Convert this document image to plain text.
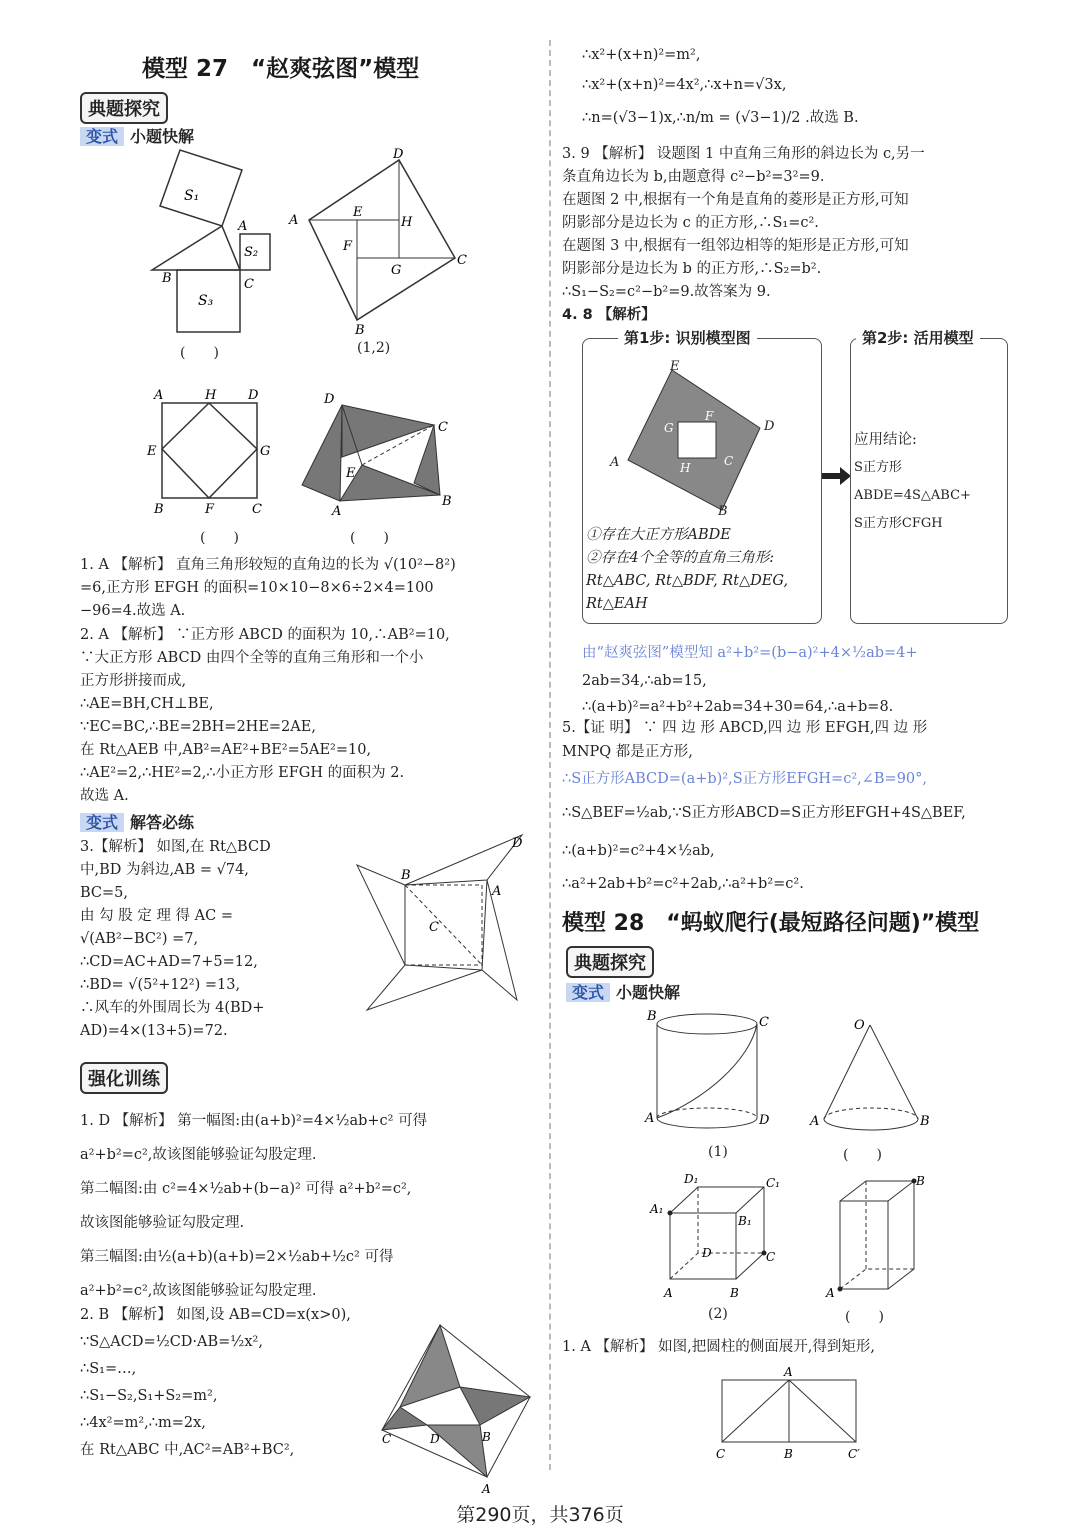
模型 27　“赵爽弦图”模型
典题探究
变式 小题快解
S₁
S₂
S₃
A
B	C
A
D
C
B
E
H
F
G
(　　)	(1,2)
A	H D
E	G
B	F	C
D
C
E
A
B
(　　)	(　　)

1. A 【解析】 直角三角形较短的直角边的长为 √(10²−8²)

=6,正方形 EFGH 的面积=10×10−8×6÷2×4=100

−96=4.故选 A.

2. A 【解析】 ∵正方形 ABCD 的面积为 10,∴AB²=10,

∵大正方形 ABCD 由四个全等的直角三角形和一个小

正方形拼接而成,

∴AE=BH,CH⊥BE,

∵EC=BC,∴BE=2BH=2HE=2AE,

在 Rt△AEB 中,AB²=AE²+BE²=5AE²=10,

∴AE²=2,∴HE²=2,∴小正方形 EFGH 的面积为 2.

故选 A.

变式 解答必练

3.【解析】 如图,在 Rt△BCD

中,BD 为斜边,AB = √74,

BC=5,

由 勾 股 定 理 得 AC =

√(AB²−BC²) =7,

∴CD=AC+AD=7+5=12,

∴BD= √(5²+12²) =13,

∴风车的外围周长为 4(BD+

AD)=4×(13+5)=72.

B
D
A
C
强化训练

1. D 【解析】 第一幅图:由(a+b)²=4×½ab+c² 可得

a²+b²=c²,故该图能够验证勾股定理.

第二幅图:由 c²=4×½ab+(b−a)² 可得 a²+b²=c²,

故该图能够验证勾股定理.

第三幅图:由½(a+b)(a+b)=2×½ab+½c² 可得

a²+b²=c²,故该图能够验证勾股定理.

2. B 【解析】 如图,设 AB=CD=x(x>0),

∵S△ACD=½CD·AB=½x²,

∴S₁=…,

∴S₁−S₂,S₁+S₂=m²,

∴4x²=m²,∴m=2x,

在 Rt△ABC 中,AC²=AB²+BC²,

C	D	B
A

∴x²+(x+n)²=m²,

∴x²+(x+n)²=4x²,∴x+n=√3x,

∴n=(√3−1)x,∴n/m = (√3−1)/2 .故选 B.

3. 9 【解析】 设题图 1 中直角三角形的斜边长为 c,另一

条直角边长为 b,由题意得 c²−b²=3²=9.

在题图 2 中,根据有一个角是直角的菱形是正方形,可知

阴影部分是边长为 c 的正方形,∴S₁=c².

在题图 3 中,根据有一组邻边相等的矩形是正方形,可知

阴影部分是边长为 b 的正方形,∴S₂=b².

∴S₁−S₂=c²−b²=9.故答案为 9.

4. 8 【解析】

第1步: 识别模型图
E
D
A
B
G
F
H	C

①存在大正方形ABDE

②存在4个全等的直角三角形:

Rt△ABC, Rt△BDF, Rt△DEG,

Rt△EAH

第2步: 活用模型

应用结论:

S正方形ABDE=4S△ABC+

S正方形CFGH

由“赵爽弦图”模型知 a²+b²=(b−a)²+4×½ab=4+

2ab=34,∴ab=15,

∴(a+b)²=a²+b²+2ab=34+30=64,∴a+b=8.

5.【证 明】 ∵ 四 边 形 ABCD,四 边 形 EFGH,四 边 形

MNPQ 都是正方形,

∴S正方形ABCD=(a+b)²,S正方形EFGH=c²,∠B=90°,

∴S△BEF=½ab,∵S正方形ABCD=S正方形EFGH+4S△BEF,

∴(a+b)²=c²+4×½ab,

∴a²+2ab+b²=c²+2ab,∴a²+b²=c².

模型 28　“蚂蚁爬行(最短路径问题)”模型
典题探究
变式 小题快解
B	C
A	D
O
A	B
(1)	(　　)
D₁	C₁
A₁
B₁
D	C
A	B
B
A
(2)	(　　)

1. A 【解析】 如图,把圆柱的侧面展开,得到矩形,

A
C	B	C′
第290页，共376页
